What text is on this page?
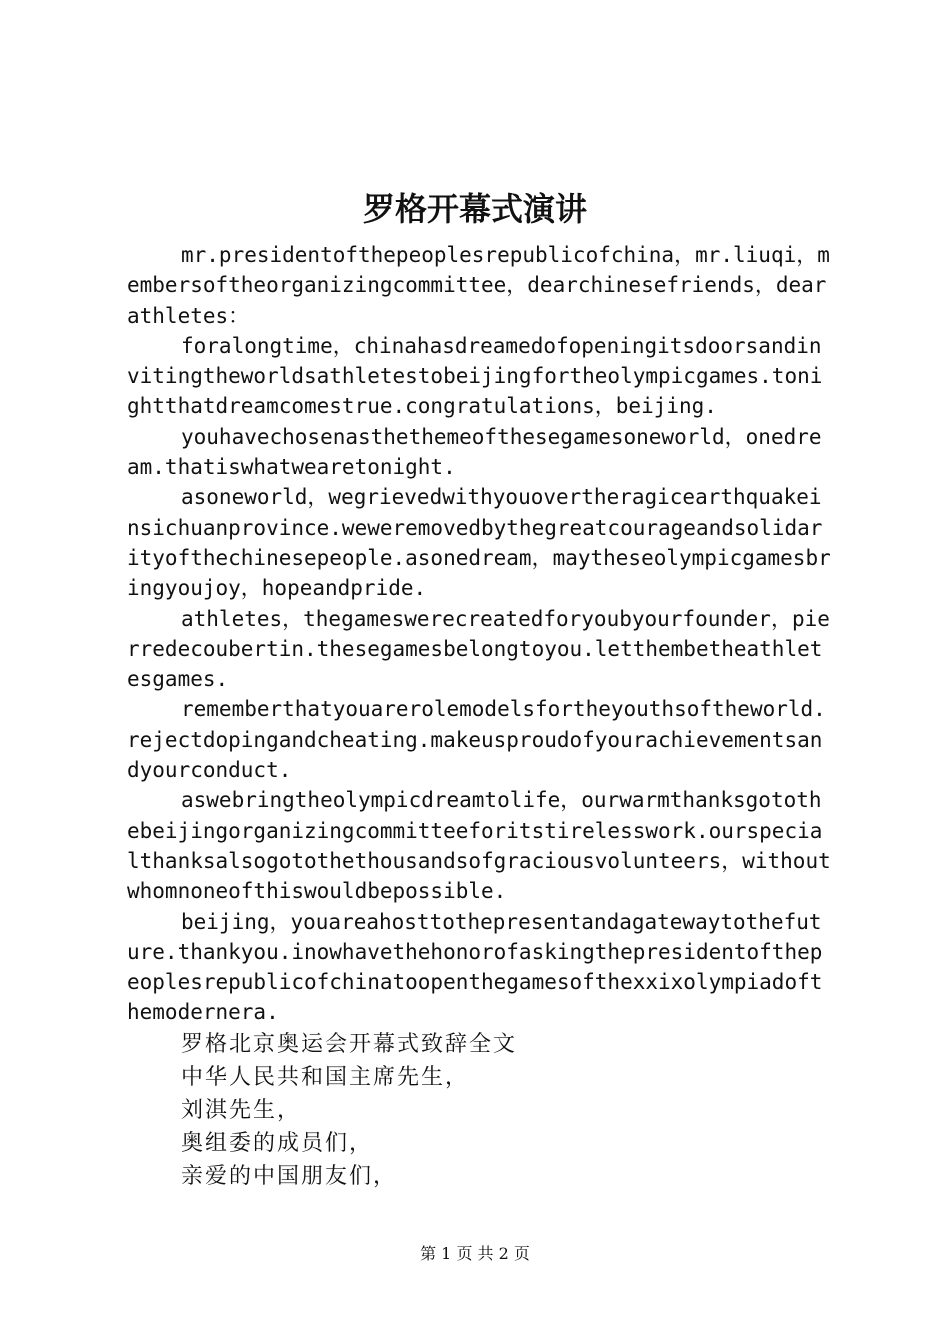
罗格开幕式演讲

mr.presidentofthepeoplesrepublicofchina，mr.liuqi，membersoftheorganizingcommittee，dearchinesefriends，dearathletes：

foralongtime，chinahasdreamedofopeningitsdoorsandinvitingtheworldsathletestobeijingfortheolympicgames.tonightthatdreamcomestrue.congratulations，beijing.

youhavechosenasthethemeofthesegamesoneworld，onedream.thatiswhatwearetonight.

asoneworld，wegrievedwithyouovertheragicearthquakeinsichuanprovince.weweremovedbythegreatcourageandsolidarityofthechinesepeople.asonedream，maytheseolympicgamesbringyoujoy，hopeandpride.

athletes，thegameswerecreatedforyoubyourfounder，pierredecoubertin.thesegamesbelongtoyou.letthembetheathletesgames.

rememberthatyouarerolemodelsfortheyouthsoftheworld.rejectdopingandcheating.makeusproudofyourachievementsandyourconduct.

aswebringtheolympicdreamtolife，ourwarmthanksgotothebeijingorganizingcommitteeforitstirelesswork.ourspecialthanksalsogotothethousandsofgraciousvolunteers，withoutwhomnoneofthiswouldbepossible.

beijing，youareahosttothepresentandagatewaytothefuture.thankyou.inowhavethehonorofaskingthepresidentofthepeoplesrepublicofchinatoopenthegamesofthexxixolympiadofthemodernera.

罗格北京奥运会开幕式致辞全文

中华人民共和国主席先生，

刘淇先生，

奥组委的成员们，

亲爱的中国朋友们，

第 1 页 共 2 页
